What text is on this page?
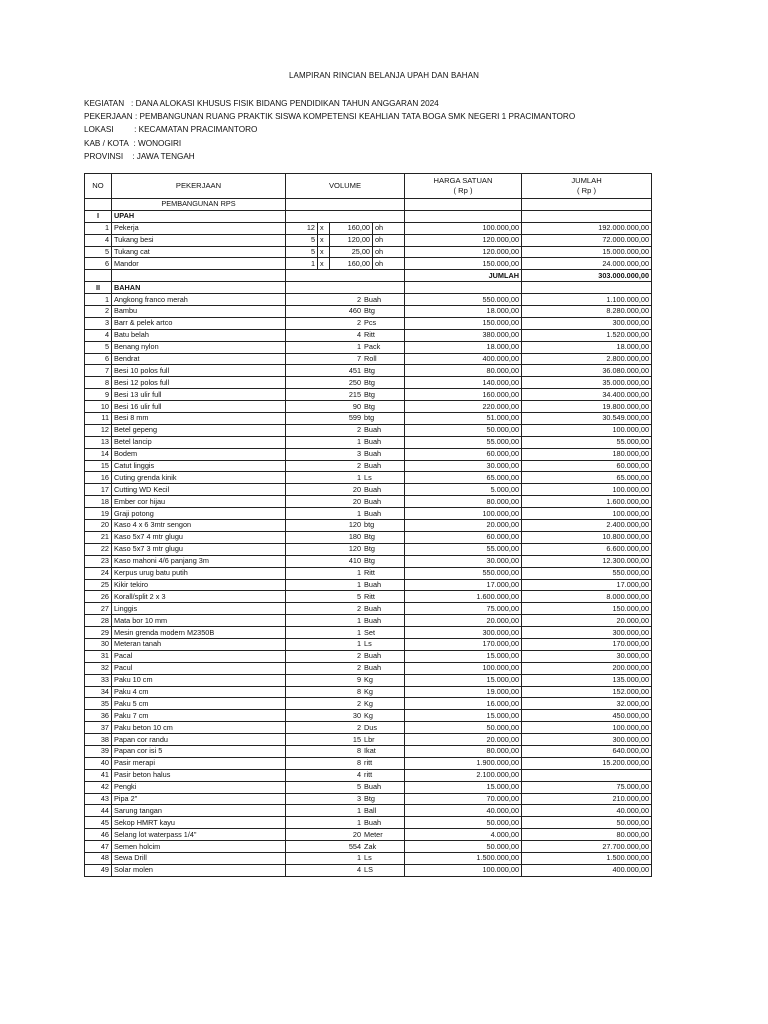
LAMPIRAN RINCIAN BELANJA UPAH DAN BAHAN
KEGIATAN   : DANA ALOKASI KHUSUS FISIK BIDANG PENDIDIKAN TAHUN ANGGARAN 2024
PEKERJAAN : PEMBANGUNAN RUANG PRAKTIK SISWA KOMPETENSI KEAHLIAN TATA BOGA SMK NEGERI 1 PRACIMANTORO
LOKASI         : KECAMATAN PRACIMANTORO
KAB / KOTA  : WONOGIRI
PROVINSI    : JAWA TENGAH
NO	PEKERJAAN	VOLUME				HARGA SATUAN
( Rp )	JUMLAH
( Rp )
	PEMBANGUNAN RPS						
I	UPAH						
1	Pekerja	12	x	160,00	oh	100.000,00	192.000.000,00
4	Tukang besi	5	x	120,00	oh	120.000,00	72.000.000,00
5	Tukang cat	5	x	25,00	oh	120.000,00	15.000.000,00
6	Mandor	1	x	160,00	oh	150.000,00	24.000.000,00
						JUMLAH	303.000.000,00
II	BAHAN						
1	Angkong franco merah	2 Buah				550.000,00	1.100.000,00
2	Bambu	460 Btg				18.000,00	8.280.000,00
3	Barr & pelek artco	2 Pcs				150.000,00	300.000,00
4	Batu belah	4 Ritt				380.000,00	1.520.000,00
5	Benang nylon	1 Pack				18.000,00	18.000,00
6	Bendrat	7 Roll				400.000,00	2.800.000,00
7	Besi 10 polos full	451 Btg				80.000,00	36.080.000,00
8	Besi 12 polos full	250 Btg				140.000,00	35.000.000,00
9	Besi 13 ulir full	215 Btg				160.000,00	34.400.000,00
10	Besi 16 ulir full	90 Btg				220.000,00	19.800.000,00
11	Besi 8 mm	599 btg				51.000,00	30.549.000,00
12	Betel gepeng	2 Buah				50.000,00	100.000,00
13	Betel lancip	1 Buah				55.000,00	55.000,00
14	Bodem	3 Buah				60.000,00	180.000,00
15	Catut linggis	2 Buah				30.000,00	60.000,00
16	Cuting grenda kinik	1 Ls				65.000,00	65.000,00
17	Cutting WD Kecil	20 Buah				5.000,00	100.000,00
18	Ember cor hijau	20 Buah				80.000,00	1.600.000,00
19	Graji potong	1 Buah				100.000,00	100.000,00
20	Kaso 4 x 6 3mtr sengon	120 btg				20.000,00	2.400.000,00
21	Kaso 5x7 4 mtr glugu	180 Btg				60.000,00	10.800.000,00
22	Kaso 5x7 3 mtr glugu	120 Btg				55.000,00	6.600.000,00
23	Kaso mahoni 4/6 panjang 3m	410 Btg				30.000,00	12.300.000,00
24	Kerpus urug batu putih	1 Ritt				550.000,00	550.000,00
25	Kikir tekiro	1 Buah				17.000,00	17.000,00
26	Korall/split 2 x 3	5 Ritt				1.600.000,00	8.000.000,00
27	Linggis	2 Buah				75.000,00	150.000,00
28	Mata bor 10 mm	1 Buah				20.000,00	20.000,00
29	Mesin grenda modern M2350B	1 Set				300.000,00	300.000,00
30	Meteran tanah	1 Ls				170.000,00	170.000,00
31	Pacal	2 Buah				15.000,00	30.000,00
32	Pacul	2 Buah				100.000,00	200.000,00
33	Paku 10 cm	9 Kg				15.000,00	135.000,00
34	Paku 4 cm	8 Kg				19.000,00	152.000,00
35	Paku 5 cm	2 Kg				16.000,00	32.000,00
36	Paku 7 cm	30 Kg				15.000,00	450.000,00
37	Paku beton 10 cm	2 Dus				50.000,00	100.000,00
38	Papan cor randu	15 Lbr				20.000,00	300.000,00
39	Papan cor isi 5	8 Ikat				80.000,00	640.000,00
40	Pasir merapi	8 ritt				1.900.000,00	15.200.000,00
41	Pasir beton halus	4 ritt				2.100.000,00	
42	Pengki	5 Buah				15.000,00	75.000,00
43	Pipa 2"	3 Btg				70.000,00	210.000,00
44	Sarung tangan	1 Ball				40.000,00	40.000,00
45	Sekop HMRT kayu	1 Buah				50.000,00	50.000,00
46	Selang lot waterpass 1/4"	20 Meter				4.000,00	80.000,00
47	Semen holcim	554 Zak				50.000,00	27.700.000,00
48	Sewa Drill	1 Ls				1.500.000,00	1.500.000,00
49	Solar molen	4 LS				100.000,00	400.000,00
